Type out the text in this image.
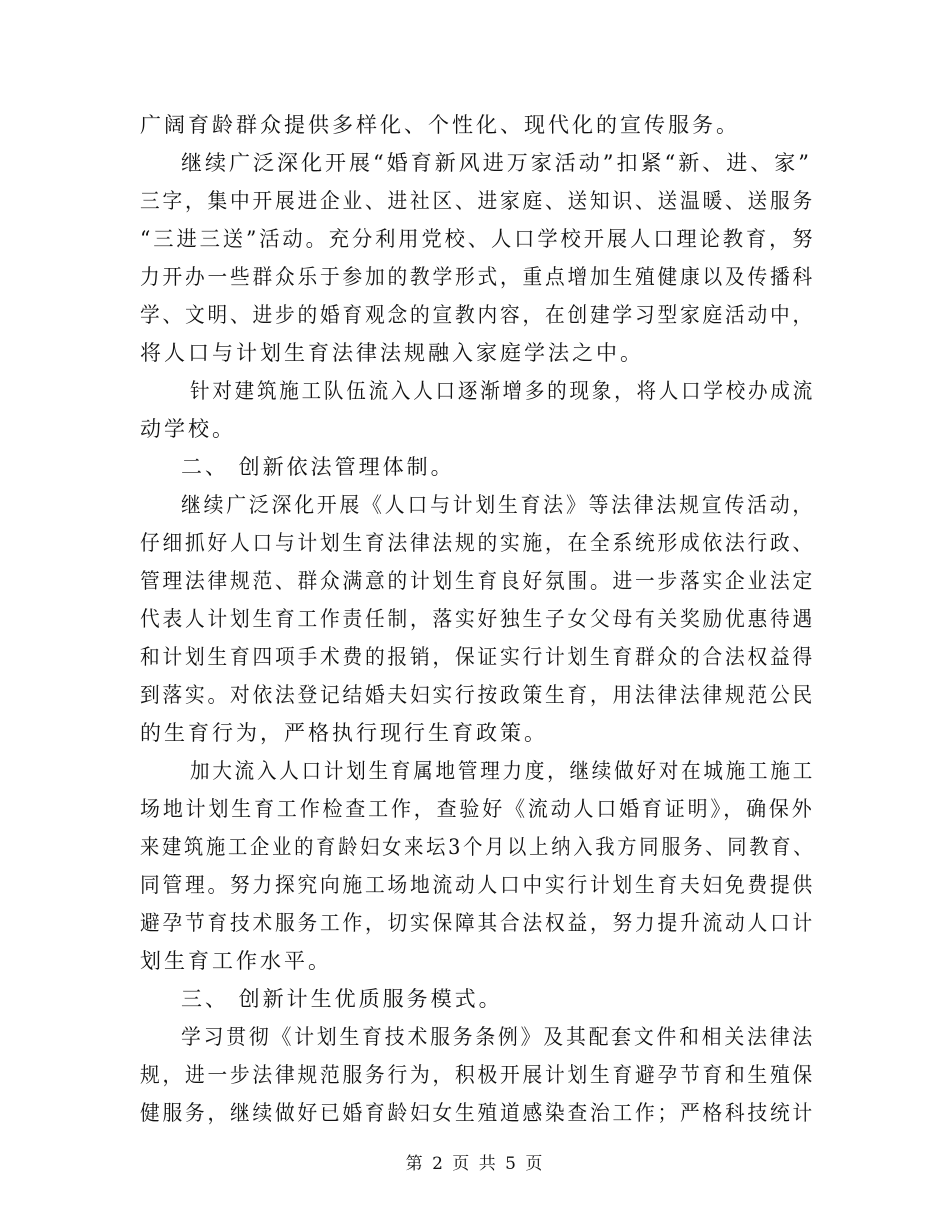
广阔育龄群众提供多样化、个性化、现代化的宣传服务。
继续广泛深化开展“婚育新风进万家活动”扣紧“新、进、家”
三字，集中开展进企业、进社区、进家庭、送知识、送温暖、送服务
“三进三送”活动。充分利用党校、人口学校开展人口理论教育，努
力开办一些群众乐于参加的教学形式，重点增加生殖健康以及传播科
学、文明、进步的婚育观念的宣教内容，在创建学习型家庭活动中，
将人口与计划生育法律法规融入家庭学法之中。
针对建筑施工队伍流入人口逐渐增多的现象，将人口学校办成流
动学校。
二、 创新依法管理体制。
继续广泛深化开展《人口与计划生育法》等法律法规宣传活动，
仔细抓好人口与计划生育法律法规的实施，在全系统形成依法行政、
管理法律规范、群众满意的计划生育良好氛围。进一步落实企业法定
代表人计划生育工作责任制，落实好独生子女父母有关奖励优惠待遇
和计划生育四项手术费的报销，保证实行计划生育群众的合法权益得
到落实。对依法登记结婚夫妇实行按政策生育，用法律法律规范公民
的生育行为，严格执行现行生育政策。
加大流入人口计划生育属地管理力度，继续做好对在城施工施工
场地计划生育工作检查工作，查验好《流动人口婚育证明》，确保外
来建筑施工企业的育龄妇女来坛3个月以上纳入我方同服务、同教育、
同管理。努力探究向施工场地流动人口中实行计划生育夫妇免费提供
避孕节育技术服务工作，切实保障其合法权益，努力提升流动人口计
划生育工作水平。
三、 创新计生优质服务模式。
学习贯彻《计划生育技术服务条例》及其配套文件和相关法律法
规，进一步法律规范服务行为，积极开展计划生育避孕节育和生殖保
健服务，继续做好已婚育龄妇女生殖道感染查治工作；严格科技统计
第 2 页 共 5 页
